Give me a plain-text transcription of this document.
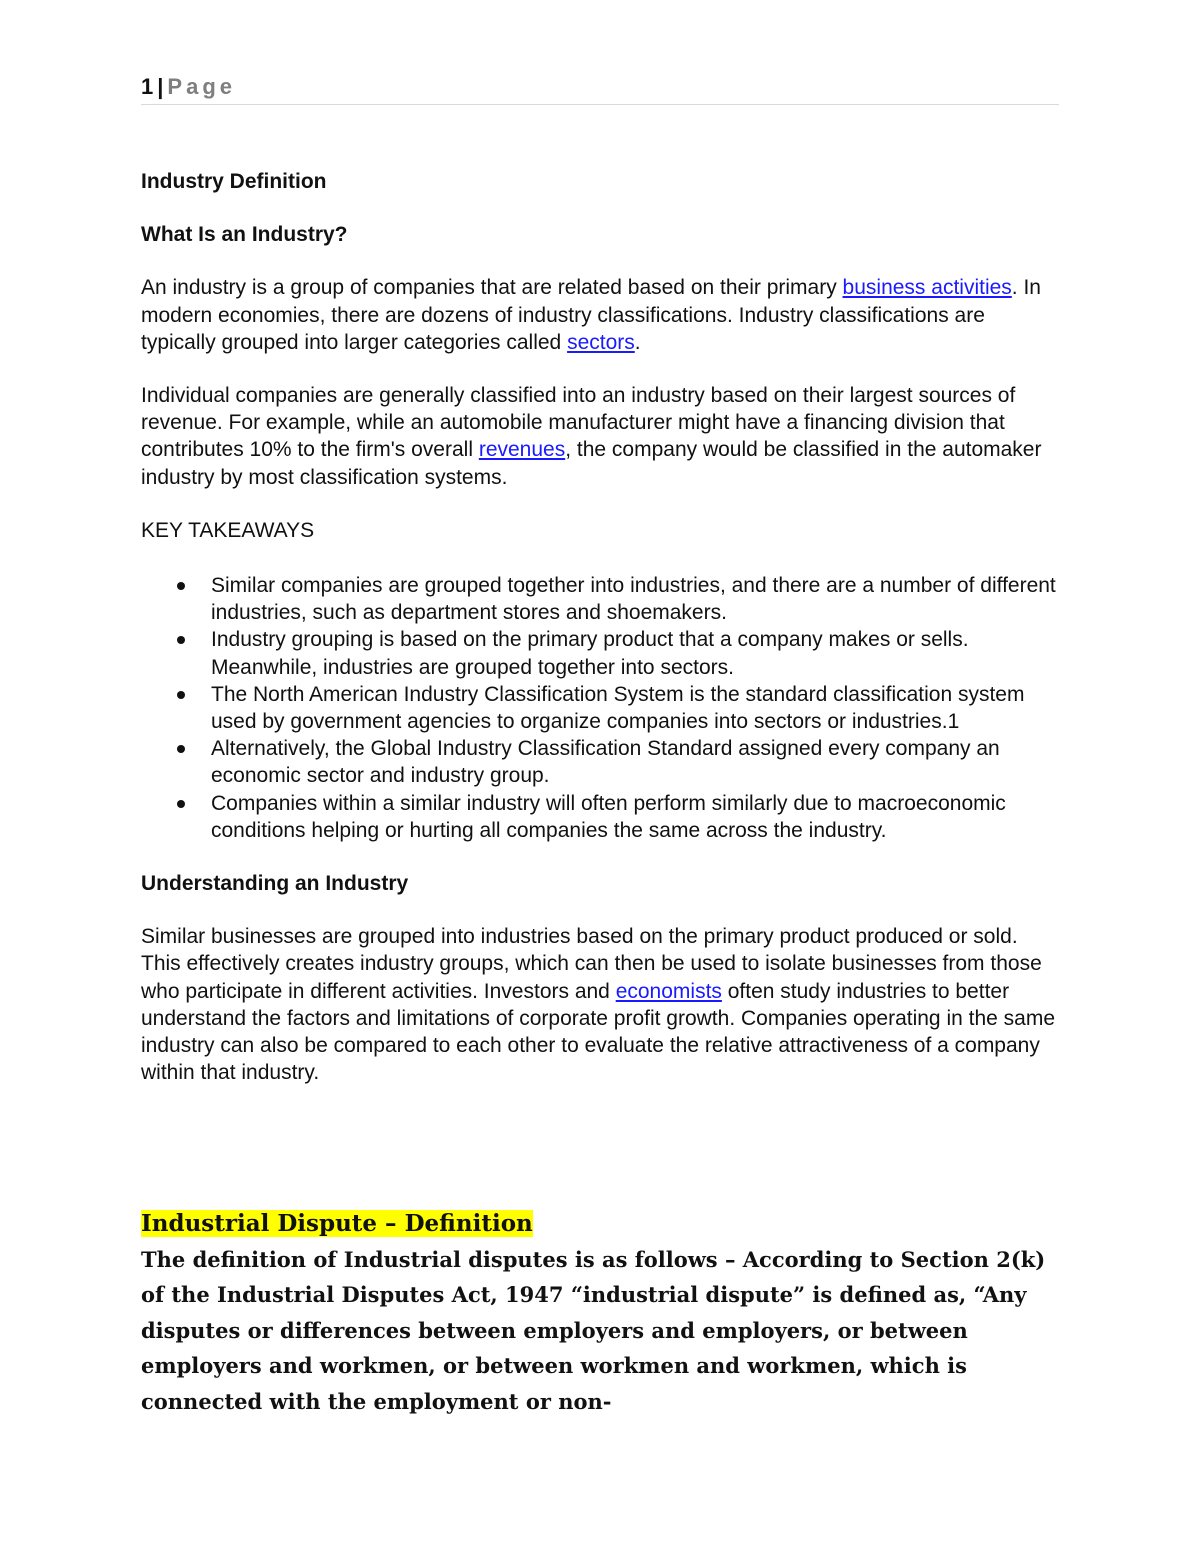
1 | Page

Industry Definition

What Is an Industry?

An industry is a group of companies that are related based on their primary business activities. In modern economies, there are dozens of industry classifications. Industry classifications are typically grouped into larger categories called sectors.

Individual companies are generally classified into an industry based on their largest sources of revenue. For example, while an automobile manufacturer might have a financing division that contributes 10% to the firm's overall revenues, the company would be classified in the automaker industry by most classification systems.

KEY TAKEAWAYS

Similar companies are grouped together into industries, and there are a number of different industries, such as department stores and shoemakers.
Industry grouping is based on the primary product that a company makes or sells. Meanwhile, industries are grouped together into sectors.
The North American Industry Classification System is the standard classification system used by government agencies to organize companies into sectors or industries.1
Alternatively, the Global Industry Classification Standard assigned every company an economic sector and industry group.
Companies within a similar industry will often perform similarly due to macroeconomic conditions helping or hurting all companies the same across the industry.

Understanding an Industry

Similar businesses are grouped into industries based on the primary product produced or sold. This effectively creates industry groups, which can then be used to isolate businesses from those who participate in different activities. Investors and economists often study industries to better understand the factors and limitations of corporate profit growth. Companies operating in the same industry can also be compared to each other to evaluate the relative attractiveness of a company within that industry.

Industrial Dispute – Definition
The definition of Industrial disputes is as follows – According to Section 2(k) of the Industrial Disputes Act, 1947 “industrial dispute” is defined as, “Any disputes or differences between employers and employers, or between employers and workmen, or between workmen and workmen, which is connected with the employment or non-
